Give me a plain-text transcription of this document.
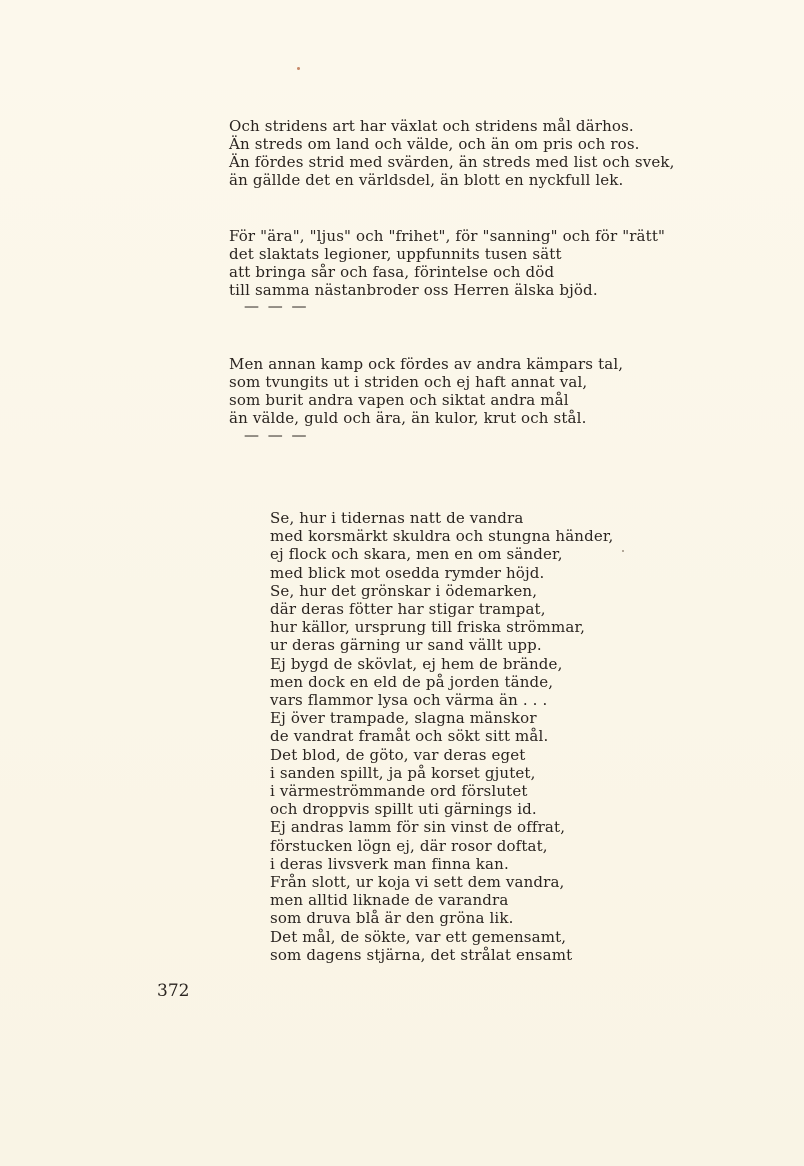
Och stridens art har växlat och stridens mål därhos.
Än streds om land och välde, och än om pris och ros.
Än fördes strid med svärden, än streds med list och svek,
än gällde det en världsdel, än blott en nyckfull lek.
För "ära", "ljus" och "frihet", för "sanning" och för "rätt"
det slaktats legioner, uppfunnits tusen sätt
att bringa sår och fasa, förintelse och död
till samma nästanbroder oss Herren älska bjöd.
— — —
Men annan kamp ock fördes av andra kämpars tal,
som tvungits ut i striden och ej haft annat val,
som burit andra vapen och siktat andra mål
än välde, guld och ära, än kulor, krut och stål.
— — —
Se, hur i tidernas natt de vandra
med korsmärkt skuldra och stungna händer,
ej flock och skara, men en om sänder,
med blick mot osedda rymder höjd.
Se, hur det grönskar i ödemarken,
där deras fötter har stigar trampat,
hur källor, ursprung till friska strömmar,
ur deras gärning ur sand vällt upp.
Ej bygd de skövlat, ej hem de brände,
men dock en eld de på jorden tände,
vars flammor lysa och värma än . . .
Ej över trampade, slagna mänskor
de vandrat framåt och sökt sitt mål.
Det blod, de göto, var deras eget
i sanden spillt, ja på korset gjutet,
i värmeströmmande ord förslutet
och droppvis spillt uti gärnings id.
Ej andras lamm för sin vinst de offrat,
förstucken lögn ej, där rosor doftat,
i deras livsverk man finna kan.
Från slott, ur koja vi sett dem vandra,
men alltid liknade de varandra
som druva blå är den gröna lik.
Det mål, de sökte, var ett gemensamt,
som dagens stjärna, det strålat ensamt
372
